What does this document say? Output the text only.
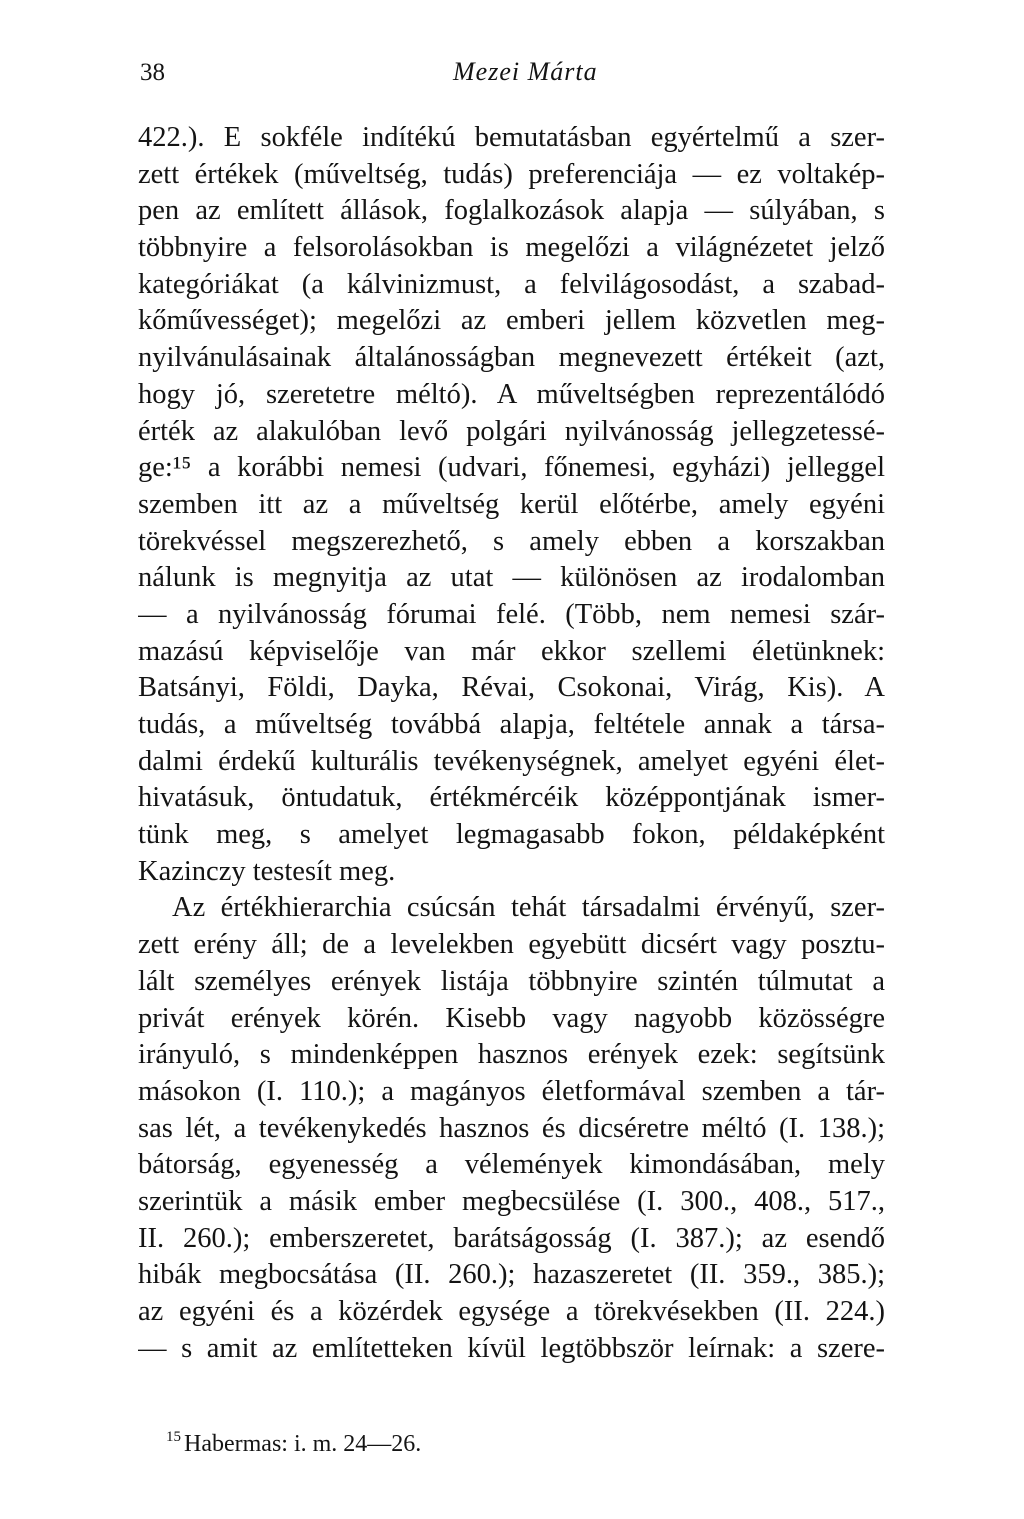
38	Mezei Márta
422.). E sokféle indítékú bemutatásban egyértelmű a szer-
zett értékek (műveltség, tudás) preferenciája — ez voltakép-
pen az említett állások, foglalkozások alapja — súlyában, s
többnyire a felsorolásokban is megelőzi a világnézetet jelző
kategóriákat (a kálvinizmust, a felvilágosodást, a szabad-
kőművességet); megelőzi az emberi jellem közvetlen meg-
nyilvánulásainak általánosságban megnevezett értékeit (azt,
hogy jó, szeretetre méltó). A műveltségben reprezentálódó
érték az alakulóban levő polgári nyilvánosság jellegzetessé-
ge:¹⁵ a korábbi nemesi (udvari, főnemesi, egyházi) jelleggel
szemben itt az a műveltség kerül előtérbe, amely egyéni
törekvéssel megszerezhető, s amely ebben a korszakban
nálunk is megnyitja az utat — különösen az irodalomban
— a nyilvánosság fórumai felé. (Több, nem nemesi szár-
mazású képviselője van már ekkor szellemi életünknek:
Batsányi, Földi, Dayka, Révai, Csokonai, Virág, Kis). A
tudás, a műveltség továbbá alapja, feltétele annak a társa-
dalmi érdekű kulturális tevékenységnek, amelyet egyéni élet-
hivatásuk, öntudatuk, értékmércéik középpontjának ismer-
tünk meg, s amelyet legmagasabb fokon, példaképként
Kazinczy testesít meg.
Az értékhierarchia csúcsán tehát társadalmi érvényű, szer-
zett erény áll; de a levelekben egyebütt dicsért vagy posztu-
lált személyes erények listája többnyire szintén túlmutat a
privát erények körén. Kisebb vagy nagyobb közösségre
irányuló, s mindenképpen hasznos erények ezek: segítsünk
másokon (I. 110.); a magányos életformával szemben a tár-
sas lét, a tevékenykedés hasznos és dicséretre méltó (I. 138.);
bátorság, egyenesség a vélemények kimondásában, mely
szerintük a másik ember megbecsülése (I. 300., 408., 517.,
II. 260.); emberszeretet, barátságosság (I. 387.); az esendő
hibák megbocsátása (II. 260.); hazaszeretet (II. 359., 385.);
az egyéni és a közérdek egysége a törekvésekben (II. 224.)
— s amit az említetteken kívül legtöbbször leírnak: a szere-
$^{15}$ Habermas: i. m. 24—26.
